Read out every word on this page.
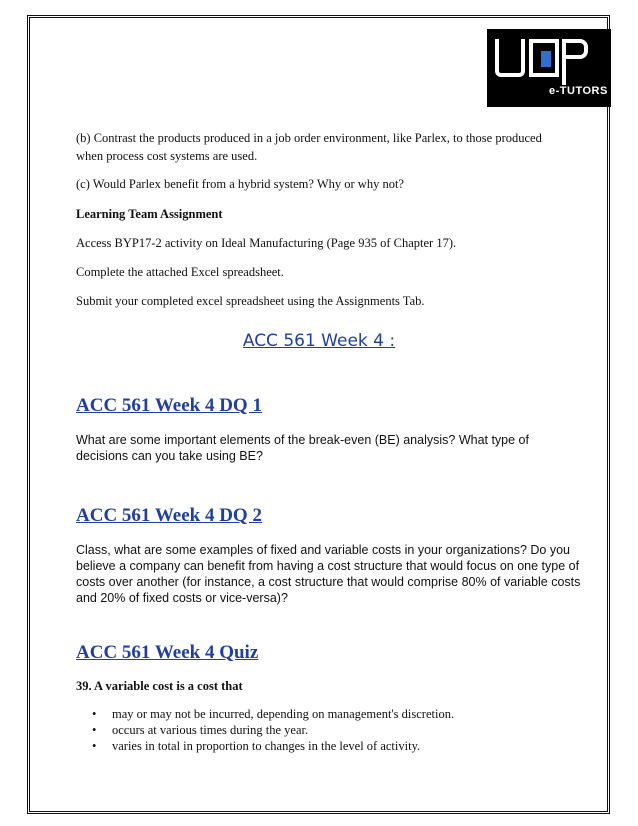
e-TUTORS

(b) Contrast the products produced in a job order environment, like Parlex, to those produced

when process cost systems are used.

(c) Would Parlex benefit from a hybrid system? Why or why not?

Learning Team Assignment

Access BYP17-2 activity on Ideal Manufacturing (Page 935 of Chapter 17).

Complete the attached Excel spreadsheet.

Submit your completed excel spreadsheet using the Assignments Tab.

ACC 561 Week 4 :

ACC 561 Week 4 DQ 1

What are some important elements of the break-even (BE) analysis? What type of decisions can you take using BE?

ACC 561 Week 4 DQ 2

Class, what are some examples of fixed and variable costs in your organizations? Do you believe a company can benefit from having a cost structure that would focus on one type of costs over another (for instance, a cost structure that would comprise 80% of variable costs and 20% of fixed costs or vice-versa)?

ACC 561 Week 4 Quiz

39. A variable cost is a cost that

• may or may not be incurred, depending on management's discretion.
• occurs at various times during the year.
• varies in total in proportion to changes in the level of activity.
